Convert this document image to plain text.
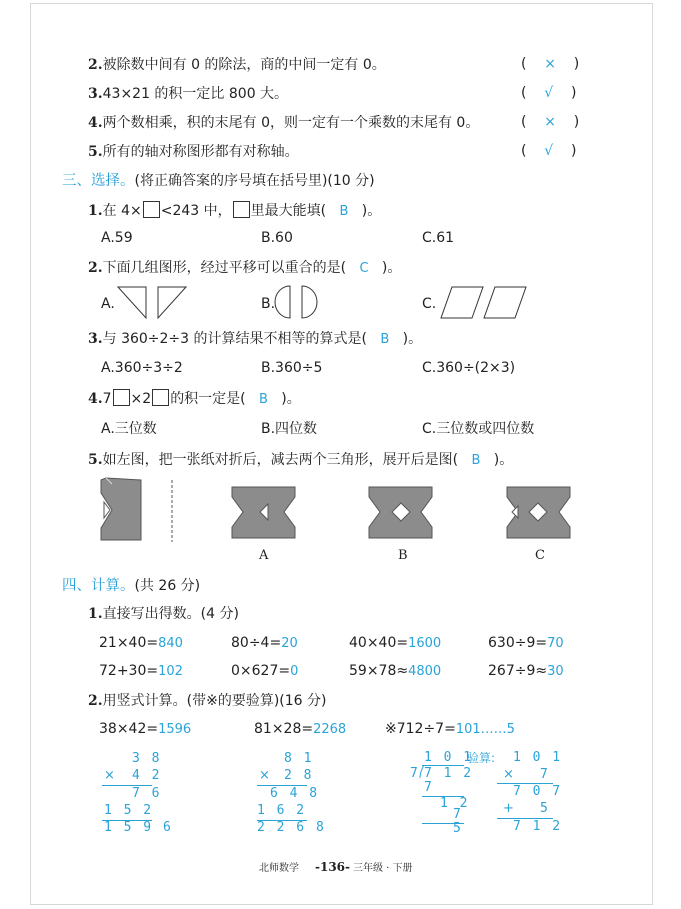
2.被除数中间有 0 的除法，商的中间一定有 0。	(    ×    )
3.43×21 的积一定比 800 大。	(    √    )
4.两个数相乘，积的末尾有 0，则一定有一个乘数的末尾有 0。	(    ×    )
5.所有的轴对称图形都有对称轴。	(    √    )
三、选择。(将正确答案的序号填在括号里)(10 分)
1.在 4× <243 中， 里最大能填( B )。
A.59	B.60	C.61
2.下面几组图形，经过平移可以重合的是( C )。
A.	B.	C.
3.与 360÷2÷3 的计算结果不相等的算式是( B )。
A.360÷3÷2	B.360÷5	C.360÷(2×3)
4.7 ×2 的积一定是( B )。
A.三位数	B.四位数	C.三位数或四位数
5.如左图，把一张纸对折后，减去两个三角形，展开后是图( B )。
A	B	C
四、计算。(共 26 分)
1.直接写出得数。(4 分)
21×40=840	80÷4=20	40×40=1600	630÷9=70
72+30=102	0×627=0	59×78≈4800	267÷9≈30
2.用竖式计算。(带※的要验算)(16 分)
38×42=1596	81×28=2268	※712÷7=101……5
3 8
× 4 2
7 6
1 5 2
1 5 9 6
8 1
× 2 8
6 4 8
1 6 2
2 2 6 8
1 0 1
7 7 1 2
7
1 2
7
5
验算: 1 0 1
× 7
7 0 7
+ 5
7 1 2
北师数学 -136- 三年级 · 下册
